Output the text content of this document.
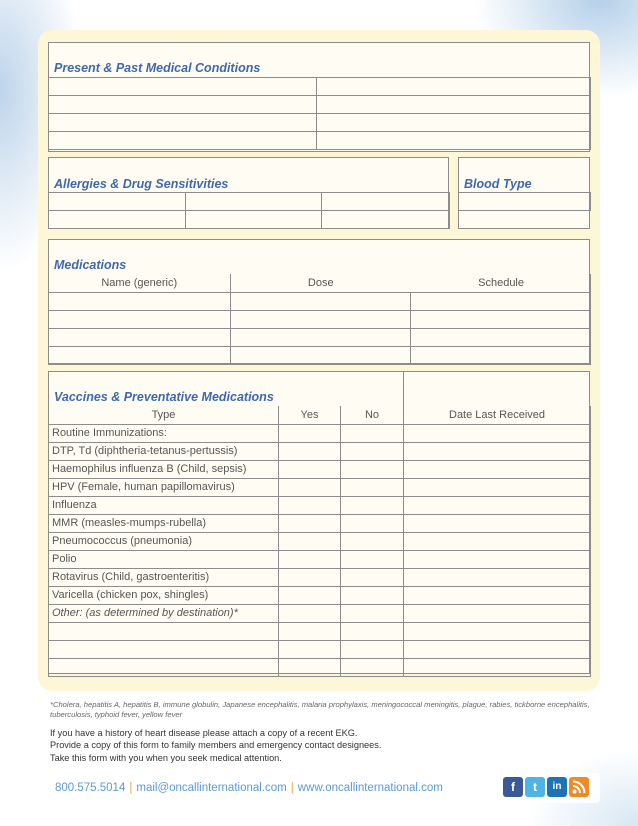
Present & Past Medical Conditions

Allergies & Drug Sensitivities

			Blood Type
Medications
Name (generic)	Dose	Schedule

Vaccines & Preventative Medications
Type	Yes	No	Date Last Received
Routine Immunizations:			
DTP, Td (diphtheria-tetanus-pertussis)			
Haemophilus influenza B (Child, sepsis)			
HPV (Female, human papillomavirus)			
Influenza			
MMR (measles-mumps-rubella)			
Pneumococcus (pneumonia)			
Polio			
Rotavirus (Child, gastroenteritis)			
Varicella (chicken pox, shingles)			
Other: (as determined by destination)*			

*Cholera, hepatitis A, hepatitis B, immune globulin, Japanese encephalitis, malaria prophylaxis, meningococcal meningitis, plague, rabies, tickborne encephalitis, tuberculosis, typhoid fever, yellow fever
If you have a history of heart disease please attach a copy of a recent EKG.
Provide a copy of this form to family members and emergency contact designees.
Take this form with you when you seek medical attention.
800.575.5014 | mail@oncallinternational.com | www.oncallinternational.com	f	t	in
